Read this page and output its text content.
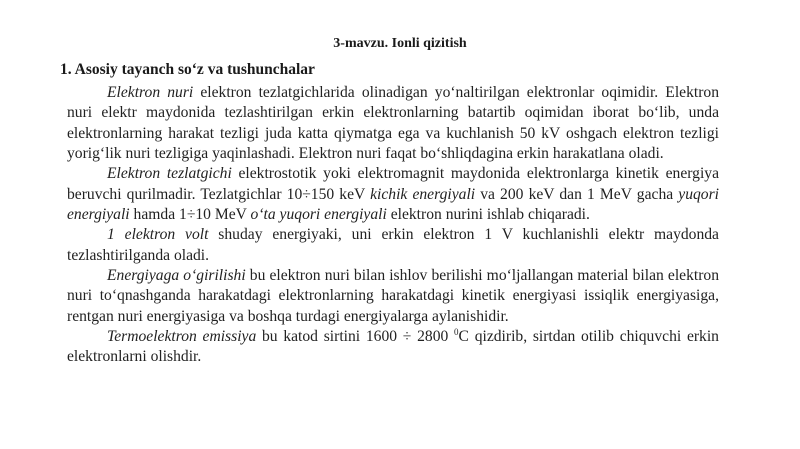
3-mavzu. Ionli qizitish
1. Asosiy tayanch so‘z va tushunchalar

Elektron nuri elektron tezlatgichlarida olinadigan yo‘naltirilgan elektronlar oqimidir. Elektron nuri elektr maydonida tezlashtirilgan erkin elektronlarning batartib oqimidan iborat bo‘lib, unda elektronlarning harakat tezligi juda katta qiymatga ega va kuchlanish 50 kV oshgach elektron tezligi yorig‘lik nuri tezligiga yaqinlashadi. Elektron nuri faqat bo‘shliqdagina erkin harakatlana oladi.

Elektron tezlatgichi elektrostotik yoki elektromagnit maydonida elektronlarga kinetik energiya beruvchi qurilmadir. Tezlatgichlar 10÷150 keV kichik energiyali va 200 keV dan 1 MeV gacha yuqori energiyali hamda 1÷10 MeV o‘ta yuqori energiyali elektron nurini ishlab chiqaradi.

1 elektron volt shuday energiyaki, uni erkin elektron 1 V kuchlanishli elektr maydonda tezlashtirilganda oladi.

Energiyaga o‘girilishi bu elektron nuri bilan ishlov berilishi mo‘ljallangan material bilan elektron nuri to‘qnashganda harakatdagi elektronlarning harakatdagi kinetik energiyasi issiqlik energiyasiga, rentgan nuri energiyasiga va boshqa turdagi energiyalarga aylanishidir.

Termoelektron emissiya bu katod sirtini 1600 ÷ 2800 $^0$C qizdirib, sirtdan otilib chiquvchi erkin elektronlarni olishdir.
